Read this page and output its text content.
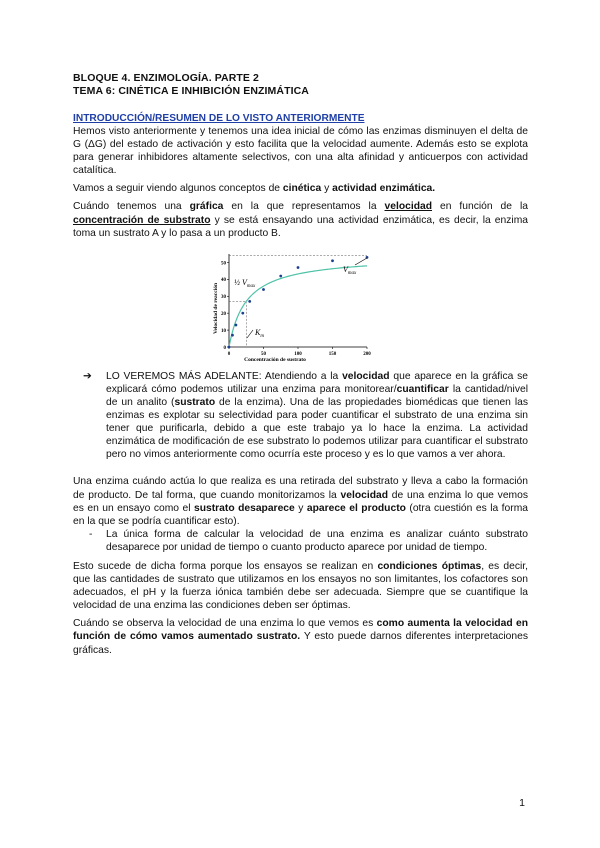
BLOQUE 4. ENZIMOLOGÍA. PARTE 2
TEMA 6: CINÉTICA E INHIBICIÓN ENZIMÁTICA
INTRODUCCIÓN/RESUMEN DE LO VISTO ANTERIORMENTE

Hemos visto anteriormente y tenemos una idea inicial de cómo las enzimas disminuyen el delta de G (ΔG) del estado de activación y esto facilita que la velocidad aumente. Además esto se explota para generar inhibidores altamente selectivos, con una alta afinidad y anticuerpos con actividad catalítica.

Vamos a seguir viendo algunos conceptos de cinética y actividad enzimática.

Cuándo tenemos una gráfica en la que representamos la velocidad en función de la concentración de substrato y se está ensayando una actividad enzimática, es decir, la enzima toma un sustrato A y lo pasa a un producto B.

Velocidad de reacción
Concentración de sustrato
0
10
20
30
40
50
0	50	100	150	200
½ $V_{max}$
$V_{max}$
$K_m$
➔ LO VEREMOS MÁS ADELANTE: Atendiendo a la velocidad que aparece en la gráfica se explicará cómo podemos utilizar una enzima para monitorear/cuantificar la cantidad/nivel de un analito (sustrato de la enzima). Una de las propiedades biomédicas que tienen las enzimas es explotar su selectividad para poder cuantificar el substrato de una enzima sin tener que purificarla, debido a que este trabajo ya lo hace la enzima. La actividad enzimática de modificación de ese substrato lo podemos utilizar para cuantificar el substrato pero no vimos anteriormente como ocurría este proceso y es lo que vamos a ver ahora.

Una enzima cuándo actúa lo que realiza es una retirada del substrato y lleva a cabo la formación de producto. De tal forma, que cuando monitorizamos la velocidad de una enzima lo que vemos es en un ensayo como el sustrato desaparece y aparece el producto (otra cuestión es la forma en la que se podría cuantificar esto).

- La única forma de calcular la velocidad de una enzima es analizar cuánto substrato desaparece por unidad de tiempo o cuanto producto aparece por unidad de tiempo.

Esto sucede de dicha forma porque los ensayos se realizan en condiciones óptimas, es decir, que las cantidades de sustrato que utilizamos en los ensayos no son limitantes, los cofactores son adecuados, el pH y la fuerza iónica también debe ser adecuada. Siempre que se cuantifique la velocidad de una enzima las condiciones deben ser óptimas.

Cuándo se observa la velocidad de una enzima lo que vemos es como aumenta la velocidad en función de cómo vamos aumentado sustrato. Y esto puede darnos diferentes interpretaciones gráficas.

1
